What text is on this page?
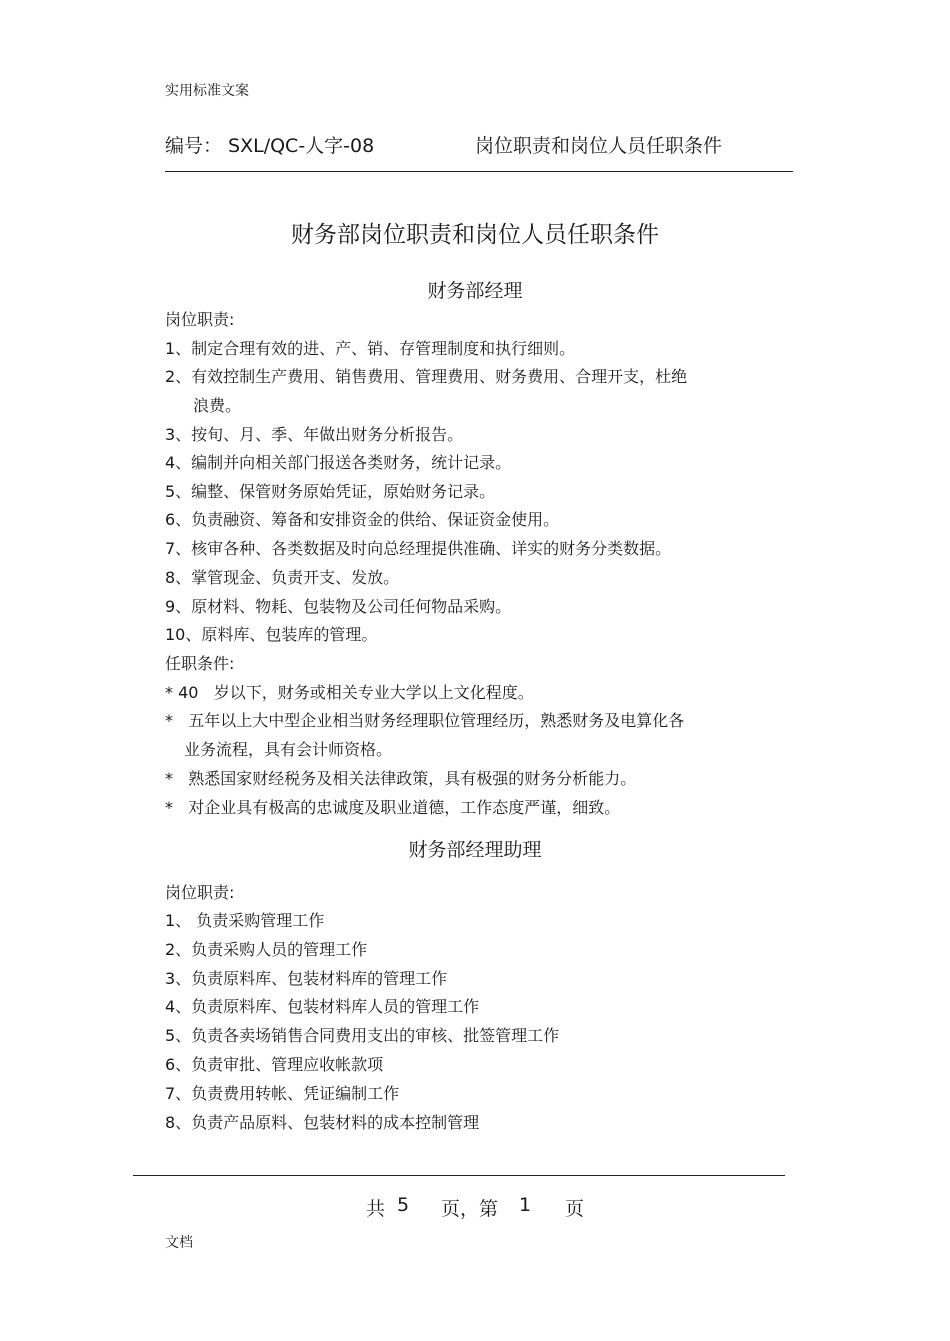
实用标准文案
编号： SXL/QC-人字-08	岗位职责和岗位人员任职条件
财务部岗位职责和岗位人员任职条件
财务部经理
岗位职责:
1、制定合理有效的进、产、销、存管理制度和执行细则。
2、有效控制生产费用、销售费用、管理费用、财务费用、合理开支，杜绝
浪费。
3、按旬、月、季、年做出财务分析报告。
4、编制并向相关部门报送各类财务，统计记录。
5、编整、保管财务原始凭证，原始财务记录。
6、负责融资、筹备和安排资金的供给、保证资金使用。
7、核审各种、各类数据及时向总经理提供准确、详实的财务分类数据。
8、掌管现金、负责开支、发放。
9、原材料、物耗、包装物及公司任何物品采购。
10、原料库、包装库的管理。
任职条件:
* 40   岁以下，财务或相关专业大学以上文化程度。
*   五年以上大中型企业相当财务经理职位管理经历，熟悉财务及电算化各
业务流程，具有会计师资格。
*   熟悉国家财经税务及相关法律政策，具有极强的财务分析能力。
*   对企业具有极高的忠诚度及职业道德，工作态度严谨，细致。
财务部经理助理
岗位职责:
1、 负责采购管理工作
2、负责采购人员的管理工作
3、负责原料库、包装材料库的管理工作
4、负责原料库、包装材料库人员的管理工作
5、负责各卖场销售合同费用支出的审核、批签管理工作
6、负责审批、管理应收帐款项
7、负责费用转帐、凭证编制工作
8、负责产品原料、包装材料的成本控制管理
共 5 页，第 1 页
文档
